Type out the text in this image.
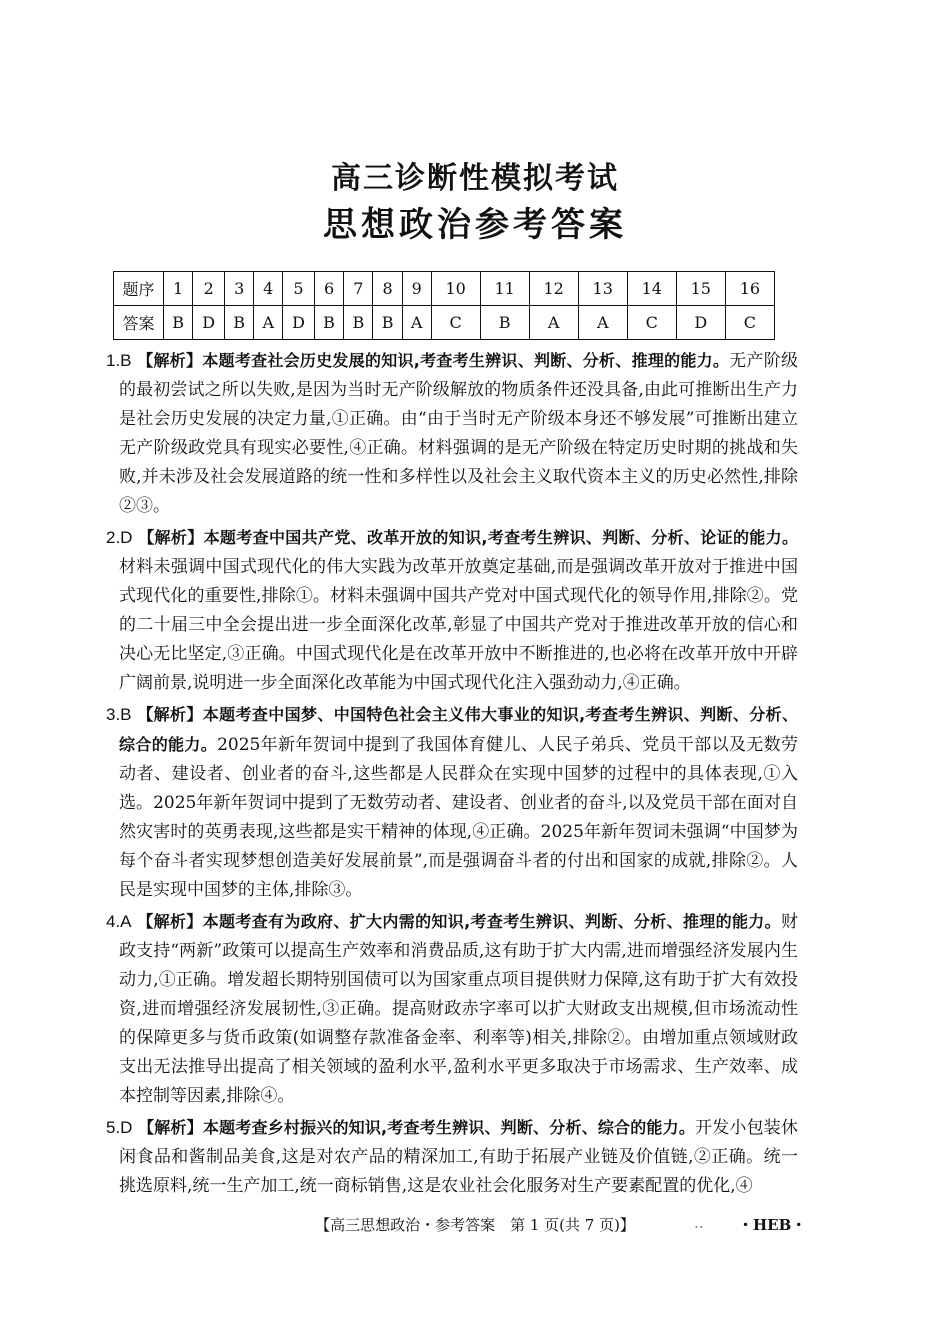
高三诊断性模拟考试
思想政治参考答案
题序	1	2	3	4	5	6	7	8	9	10	11	12	13	14	15	16
答案	B	D	B	A	D	B	B	B	A	C	B	A	A	C	D	C

1.B 【解析】本题考查社会历史发展的知识,考查考生辨识、判断、分析、推理的能力。无产阶级的最初尝试之所以失败,是因为当时无产阶级解放的物质条件还没具备,由此可推断出生产力是社会历史发展的决定力量,①正确。由“由于当时无产阶级本身还不够发展”可推断出建立无产阶级政党具有现实必要性,④正确。材料强调的是无产阶级在特定历史时期的挑战和失败,并未涉及社会发展道路的统一性和多样性以及社会主义取代资本主义的历史必然性,排除②③。

2.D 【解析】本题考查中国共产党、改革开放的知识,考查考生辨识、判断、分析、论证的能力。材料未强调中国式现代化的伟大实践为改革开放奠定基础,而是强调改革开放对于推进中国式现代化的重要性,排除①。材料未强调中国共产党对中国式现代化的领导作用,排除②。党的二十届三中全会提出进一步全面深化改革,彰显了中国共产党对于推进改革开放的信心和决心无比坚定,③正确。中国式现代化是在改革开放中不断推进的,也必将在改革开放中开辟广阔前景,说明进一步全面深化改革能为中国式现代化注入强劲动力,④正确。

3.B 【解析】本题考查中国梦、中国特色社会主义伟大事业的知识,考查考生辨识、判断、分析、综合的能力。2025年新年贺词中提到了我国体育健儿、人民子弟兵、党员干部以及无数劳动者、建设者、创业者的奋斗,这些都是人民群众在实现中国梦的过程中的具体表现,①入选。2025年新年贺词中提到了无数劳动者、建设者、创业者的奋斗,以及党员干部在面对自然灾害时的英勇表现,这些都是实干精神的体现,④正确。2025年新年贺词未强调“中国梦为每个奋斗者实现梦想创造美好发展前景”,而是强调奋斗者的付出和国家的成就,排除②。人民是实现中国梦的主体,排除③。

4.A 【解析】本题考查有为政府、扩大内需的知识,考查考生辨识、判断、分析、推理的能力。财政支持“两新”政策可以提高生产效率和消费品质,这有助于扩大内需,进而增强经济发展内生动力,①正确。增发超长期特别国债可以为国家重点项目提供财力保障,这有助于扩大有效投资,进而增强经济发展韧性,③正确。提高财政赤字率可以扩大财政支出规模,但市场流动性的保障更多与货币政策(如调整存款准备金率、利率等)相关,排除②。由增加重点领域财政支出无法推导出提高了相关领域的盈利水平,盈利水平更多取决于市场需求、生产效率、成本控制等因素,排除④。

5.D 【解析】本题考查乡村振兴的知识,考查考生辨识、判断、分析、综合的能力。开发小包装休闲食品和酱制品美食,这是对农产品的精深加工,有助于拓展产业链及价值链,②正确。统一挑选原料,统一生产加工,统一商标销售,这是农业社会化服务对生产要素配置的优化,④

【高三思想政治・参考答案　第 1 页(共 7 页)】	.. ・HEB・
